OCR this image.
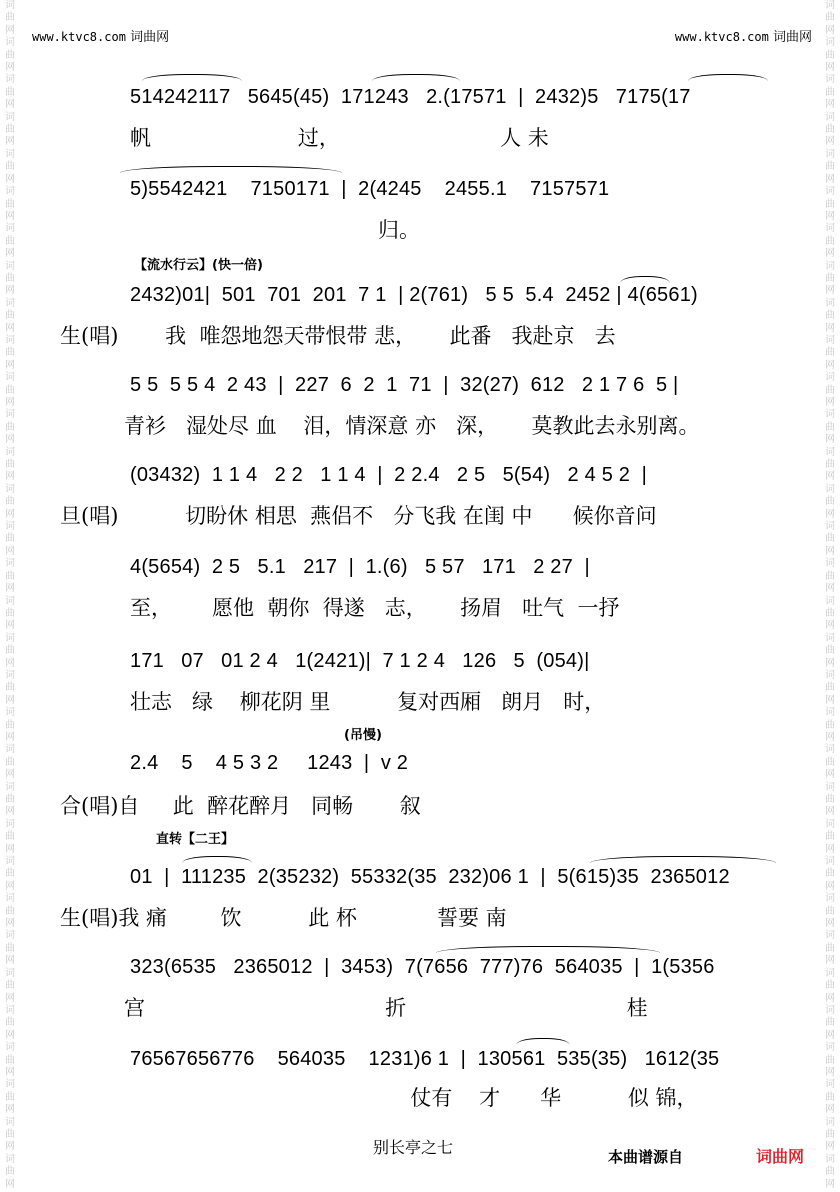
词曲网 词曲网 词曲网 词曲网 词曲网 词曲网 词曲网 词曲网 词曲网 词曲网 词曲网 词曲网 词曲网 词曲网 词曲网 词曲网 词曲网 词曲网 词曲网 词曲网 词曲网 词曲网 词曲网 词曲网 词曲网 词曲网 词曲网 词曲网 词曲网 词曲网 词曲网 词曲网
词曲网 词曲网 词曲网 词曲网 词曲网 词曲网 词曲网 词曲网 词曲网 词曲网 词曲网 词曲网 词曲网 词曲网 词曲网 词曲网 词曲网 词曲网 词曲网 词曲网 词曲网 词曲网 词曲网 词曲网 词曲网 词曲网 词曲网 词曲网 词曲网 词曲网 词曲网 词曲网
www.ktvc8.com 词曲网	www.ktvc8.com 词曲网
514242117   5645(45)  171243   2.(17571  |  2432)5   7175(17
帆                      过，                        人 未
5)5542421    7150171  |  2(4245    2455.1    7157571
归。
【流水行云】(快一倍)
2432)01|  501  701  201  7 1  | 2(761)   5 5  5.4  2452 | 4(6561)
生(唱)       我  唯怨地怨天带恨带 悲，     此番   我赴京   去
5 5  5 5 4  2 43  |  227  6  2  1  71  |  32(27)  612   2 1 7 6  5 |
青衫   湿处尽 血    泪，情深意 亦   深，     莫教此去永别离。
(03432)  1 1 4   2 2   1 1 4  |  2 2.4   2 5   5(54)   2 4 5 2  |
旦(唱)          切盼休 相思  燕侣不   分飞我 在闺 中      候你音问
4(5654)  2 5   5.1   217  |  1.(6)   5 57   171   2 27  |
至，      愿他  朝你  得遂   志，     扬眉   吐气  一抒
171   07   01 2 4   1(2421)|  7 1 2 4   126   5  (054)|
壮志   绿    柳花阴 里          复对西厢   朗月   时，
(吊慢)
2.4    5    4 5 3 2     1243  |  v 2
合(唱)自     此  醉花醉月   同畅       叙
直转【二王】
01  |  111235  2(35232)  55332(35  232)06 1  |  5(615)35  2365012
生(唱)我 痛        饮          此 杯            誓要 南
323(6535   2365012  |  3453)  7(7656  777)76  564035  |  1(5356
宫                                    折                                 桂
76567656776    564035    1231)6 1  |  130561  535(35)   1612(35
仗有    才      华          似 锦，
别长亭之七	本曲谱源自	词曲网
